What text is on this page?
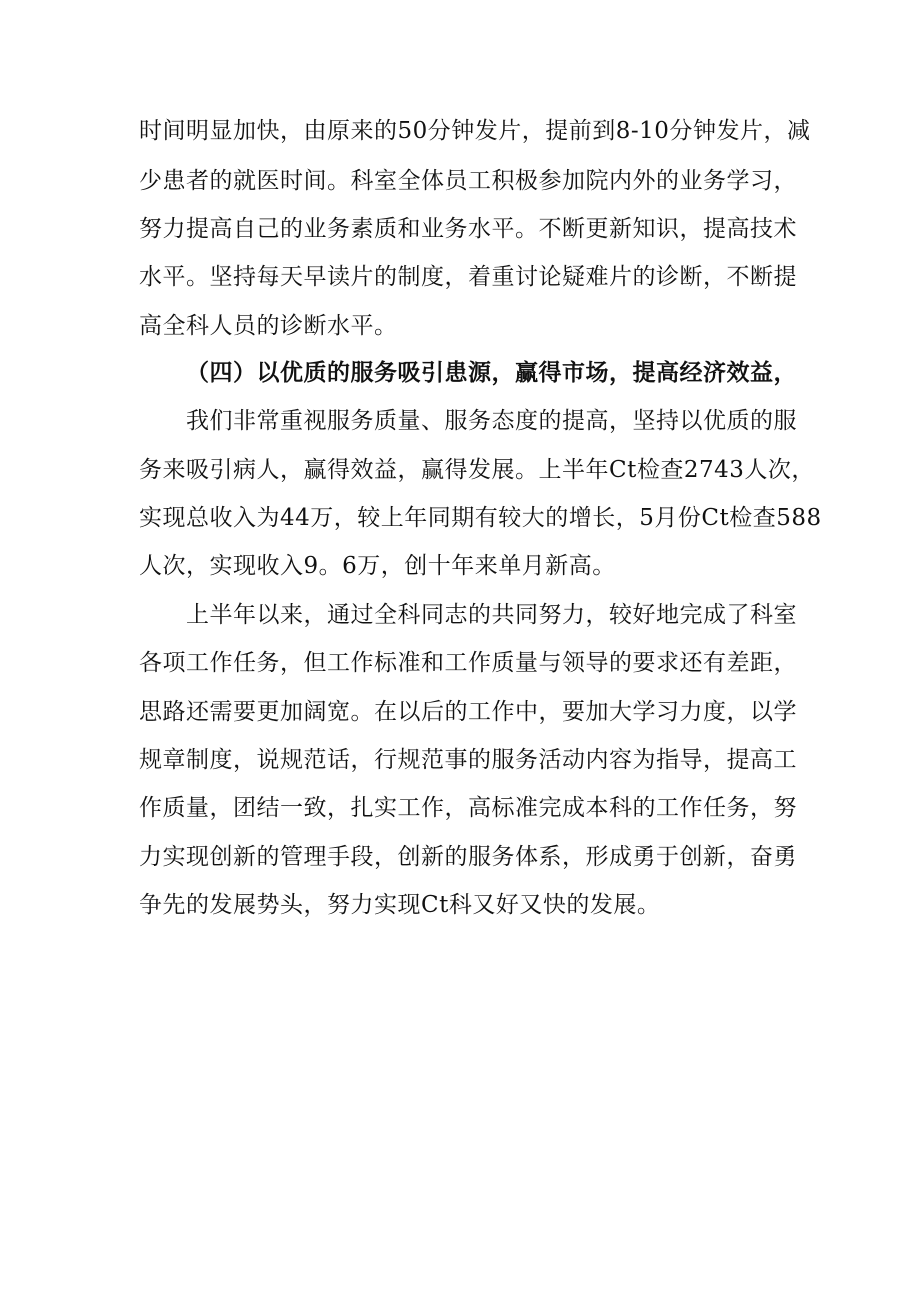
时间明显加快，由原来的50分钟发片，提前到8-10分钟发片，减
少患者的就医时间。科室全体员工积极参加院内外的业务学习，
努力提高自己的业务素质和业务水平。不断更新知识，提高技术
水平。坚持每天早读片的制度，着重讨论疑难片的诊断，不断提
高全科人员的诊断水平。
（四）以优质的服务吸引患源，赢得市场，提高经济效益，
我们非常重视服务质量、服务态度的提高，坚持以优质的服
务来吸引病人，赢得效益，赢得发展。上半年Ct检查2743人次，
实现总收入为44万，较上年同期有较大的增长，5月份Ct检查588
人次，实现收入9。6万，创十年来单月新高。
上半年以来，通过全科同志的共同努力，较好地完成了科室
各项工作任务，但工作标准和工作质量与领导的要求还有差距，
思路还需要更加阔宽。在以后的工作中，要加大学习力度，以学
规章制度，说规范话，行规范事的服务活动内容为指导，提高工
作质量，团结一致，扎实工作，高标准完成本科的工作任务，努
力实现创新的管理手段，创新的服务体系，形成勇于创新，奋勇
争先的发展势头，努力实现Ct科又好又快的发展。
